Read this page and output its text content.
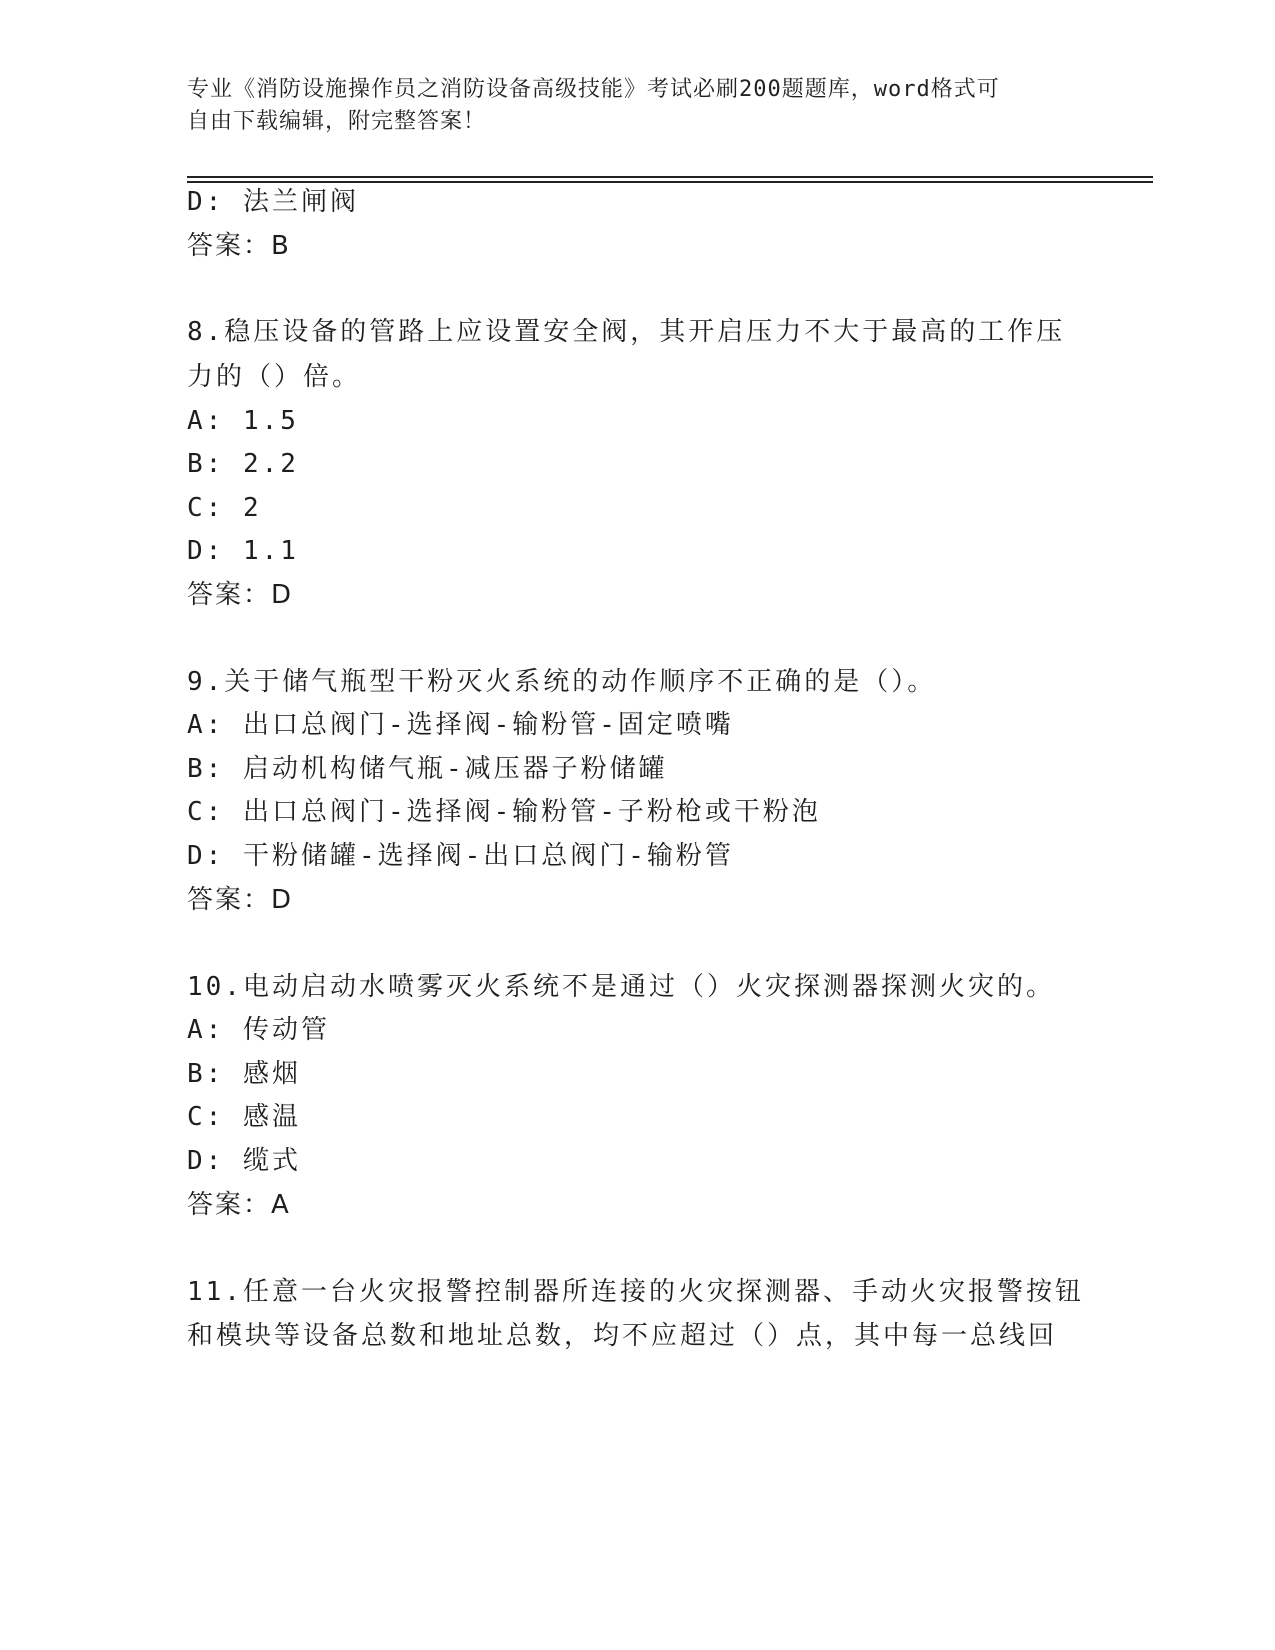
专业《消防设施操作员之消防设备高级技能》考试必刷200题题库，word格式可
自由下载编辑，附完整答案！
D: 法兰闸阀
答案：B
8.稳压设备的管路上应设置安全阀，其开启压力不大于最高的工作压
力的（）倍。
A: 1.5
B: 2.2
C: 2
D: 1.1
答案：D
9.关于储气瓶型干粉灭火系统的动作顺序不正确的是（）。
A: 出口总阀门-选择阀-输粉管-固定喷嘴
B: 启动机构储气瓶-减压器子粉储罐
C: 出口总阀门-选择阀-输粉管-子粉枪或干粉泡
D: 干粉储罐-选择阀-出口总阀门-输粉管
答案：D
10.电动启动水喷雾灭火系统不是通过（）火灾探测器探测火灾的。
A: 传动管
B: 感烟
C: 感温
D: 缆式
答案：A
11.任意一台火灾报警控制器所连接的火灾探测器、手动火灾报警按钮
和模块等设备总数和地址总数，均不应超过（）点，其中每一总线回
